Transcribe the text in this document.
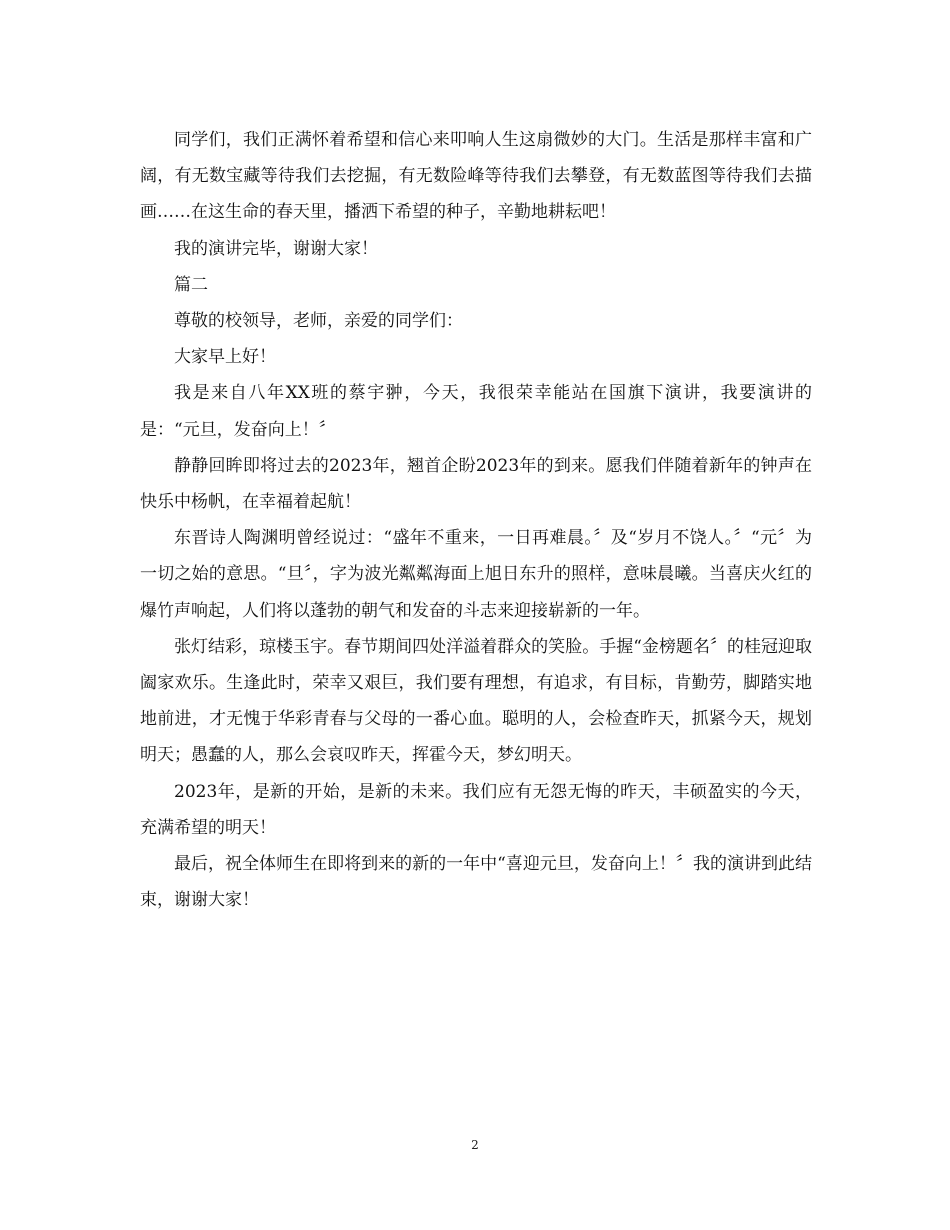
同学们，我们正满怀着希望和信心来叩响人生这扇微妙的大门。生活是那样丰富和广阔，有无数宝藏等待我们去挖掘，有无数险峰等待我们去攀登，有无数蓝图等待我们去描画……在这生命的春天里，播洒下希望的种子，辛勤地耕耘吧！

我的演讲完毕，谢谢大家！

篇二

尊敬的校领导，老师，亲爱的同学们：

大家早上好！

我是来自八年XX班的蔡宇翀，今天，我很荣幸能站在国旗下演讲，我要演讲的是：“元旦，发奋向上！〞

静静回眸即将过去的2023年，翘首企盼2023年的到来。愿我们伴随着新年的钟声在快乐中杨帆，在幸福着起航！

东晋诗人陶渊明曾经说过：“盛年不重来，一日再难晨。〞及“岁月不饶人。〞“元〞为一切之始的意思。“旦〞，字为波光粼粼海面上旭日东升的照样，意味晨曦。当喜庆火红的爆竹声响起，人们将以蓬勃的朝气和发奋的斗志来迎接崭新的一年。

张灯结彩，琼楼玉宇。春节期间四处洋溢着群众的笑脸。手握“金榜题名〞的桂冠迎取阖家欢乐。生逢此时，荣幸又艰巨，我们要有理想，有追求，有目标，肯勤劳，脚踏实地地前进，才无愧于华彩青春与父母的一番心血。聪明的人，会检查昨天，抓紧今天，规划明天；愚蠢的人，那么会哀叹昨天，挥霍今天，梦幻明天。

2023年，是新的开始，是新的未来。我们应有无怨无悔的昨天，丰硕盈实的今天，充满希望的明天！

最后，祝全体师生在即将到来的新的一年中“喜迎元旦，发奋向上！〞我的演讲到此结束，谢谢大家！

2
